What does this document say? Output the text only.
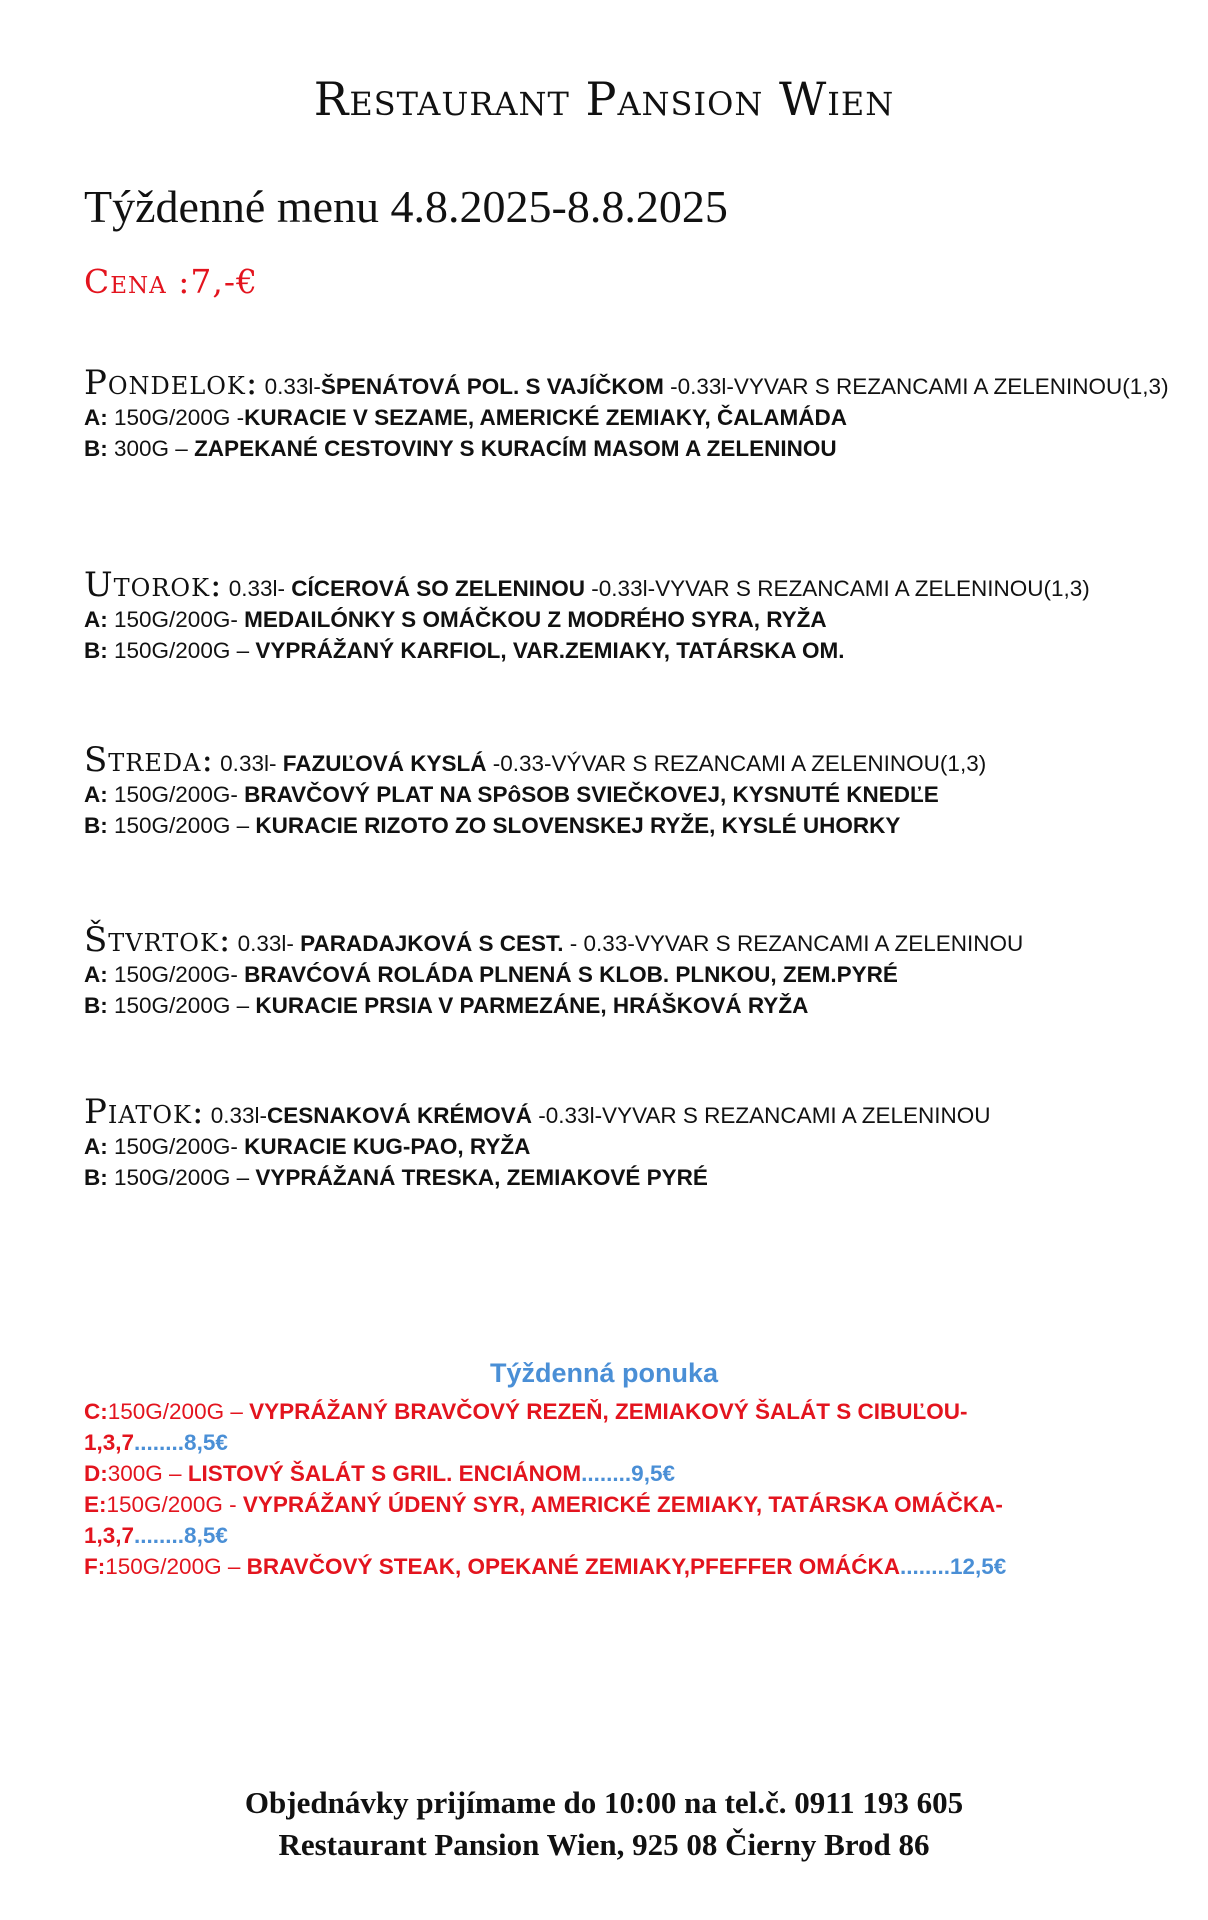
Restaurant Pansion Wien
Týždenné menu 4.8.2025-8.8.2025
Cena :7,-€
Pondelok: 0.33l-ŠPENÁTOVÁ POL. S VAJÍČKOM -0.33l-VYVAR S REZANCAMI A ZELENINOU(1,3)
A: 150G/200G -KURACIE V SEZAME, AMERICKÉ ZEMIAKY, ČALAMÁDA
B: 300G – ZAPEKANÉ CESTOVINY S KURACÍM MASOM A ZELENINOU
Utorok: 0.33l- CÍCEROVÁ SO ZELENINOU -0.33l-VYVAR S REZANCAMI A ZELENINOU(1,3)
A: 150G/200G- MEDAILÓNKY S OMÁČKOU Z MODRÉHO SYRA, RYŽA
B: 150G/200G – VYPRÁŽANÝ KARFIOL, VAR.ZEMIAKY, TATÁRSKA OM.
Streda: 0.33l- FAZUĽOVÁ KYSLÁ -0.33-VÝVAR S REZANCAMI A ZELENINOU(1,3)
A: 150G/200G- BRAVČOVÝ PLAT NA SPôSOB SVIEČKOVEJ, KYSNUTÉ KNEDĽE
B: 150G/200G – KURACIE RIZOTO ZO SLOVENSKEJ RYŽE, KYSLÉ UHORKY
Štvrtok: 0.33l- PARADAJKOVÁ S CEST. - 0.33-VYVAR S REZANCAMI A ZELENINOU
A: 150G/200G- BRAVĆOVÁ ROLÁDA PLNENÁ S KLOB. PLNKOU, ZEM.PYRÉ
B: 150G/200G – KURACIE PRSIA V PARMEZÁNE, HRÁŠKOVÁ RYŽA
Piatok: 0.33l-CESNAKOVÁ KRÉMOVÁ -0.33l-VYVAR S REZANCAMI A ZELENINOU
A: 150G/200G- KURACIE KUG-PAO, RYŽA
B: 150G/200G – VYPRÁŽANÁ TRESKA, ZEMIAKOVÉ PYRÉ
Týždenná ponuka
C:150G/200G – VYPRÁŽANÝ BRAVČOVÝ REZEŇ, ZEMIAKOVÝ ŠALÁT S CIBUĽOU-
1,3,7........8,5€
D:300G – LISTOVÝ ŠALÁT S GRIL. ENCIÁNOM........9,5€
E:150G/200G - VYPRÁŽANÝ ÚDENÝ SYR, AMERICKÉ ZEMIAKY, TATÁRSKA OMÁČKA-
1,3,7........8,5€
F:150G/200G – BRAVČOVÝ STEAK, OPEKANÉ ZEMIAKY,PFEFFER OMÁĆKA........12,5€
Objednávky prijímame do 10:00 na tel.č. 0911 193 605
Restaurant Pansion Wien, 925 08 Čierny Brod 86
